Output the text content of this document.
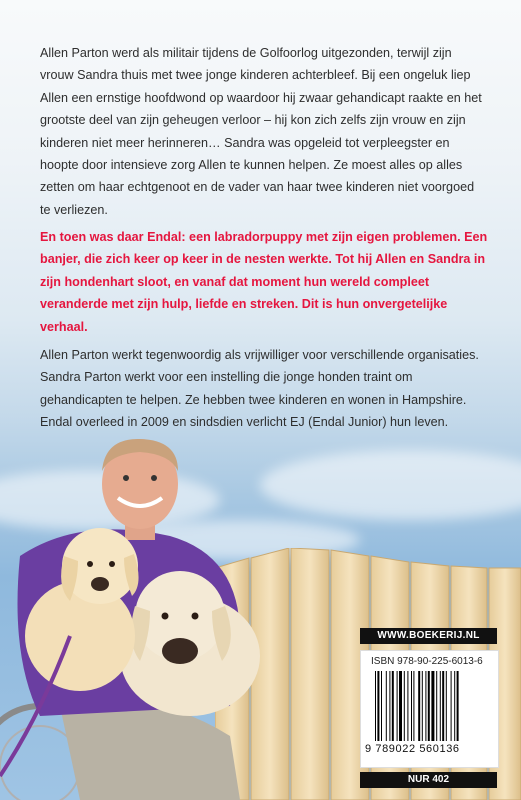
Allen Parton werd als militair tijdens de Golfoorlog uitgezonden, terwijl zijn vrouw Sandra thuis met twee jonge kinderen achterbleef. Bij een ongeluk liep Allen een ernstige hoofdwond op waardoor hij zwaar gehandicapt raakte en het grootste deel van zijn geheugen verloor – hij kon zich zelfs zijn vrouw en zijn kinderen niet meer herinneren… Sandra was opgeleid tot verpleegster en hoopte door intensieve zorg Allen te kunnen helpen. Ze moest alles op alles zetten om haar echtgenoot en de vader van haar twee kinderen niet voorgoed te verliezen.

En toen was daar Endal: een labradorpuppy met zijn eigen problemen. Een banjer, die zich keer op keer in de nesten werkte. Tot hij Allen en Sandra in zijn hondenhart sloot, en vanaf dat moment hun wereld compleet veranderde met zijn hulp, liefde en streken. Dit is hun onvergetelijke verhaal.

Allen Parton werkt tegenwoordig als vrijwilliger voor verschillende organisaties. Sandra Parton werkt voor een instelling die jonge honden traint om gehandicapten te helpen. Ze hebben twee kinderen en wonen in Hampshire. Endal overleed in 2009 en sindsdien verlicht EJ (Endal Junior) hun leven.

WWW.BOEKERIJ.NL
ISBN 978-90-225-6013-6
9 789022 560136
NUR 402
